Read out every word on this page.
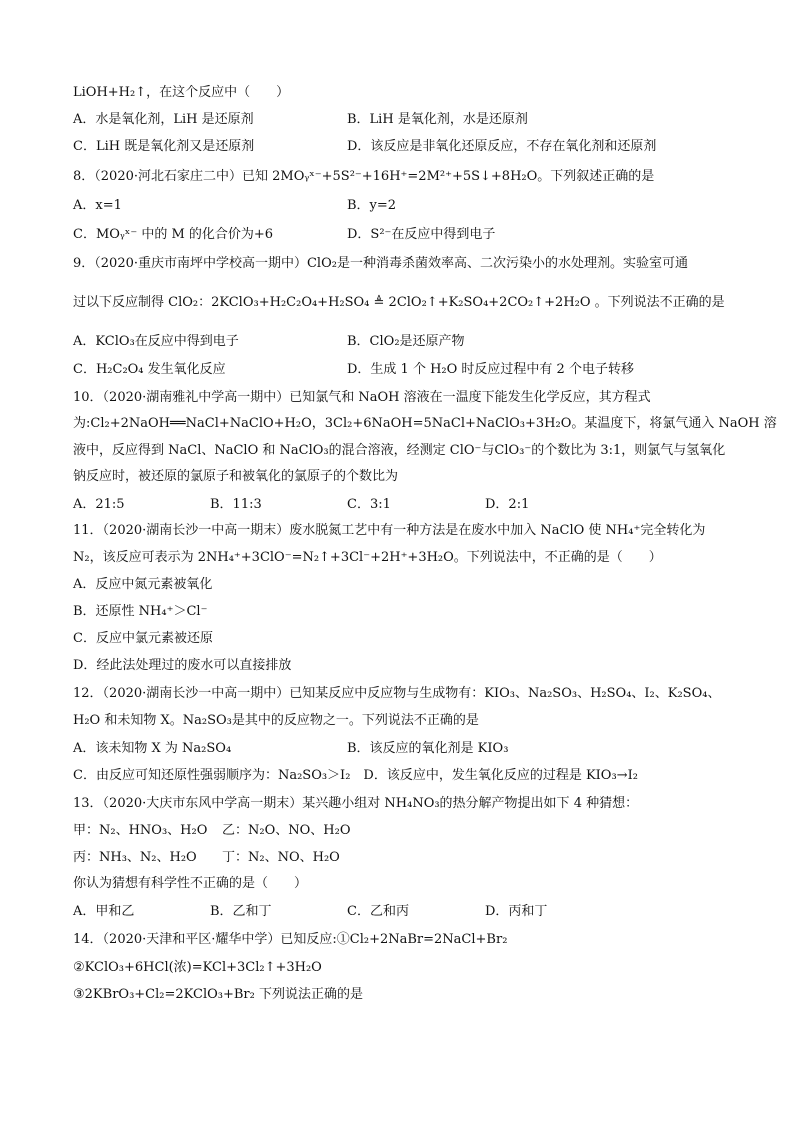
LiOH+H₂↑，在这个反应中（　　）
A．水是氧化剂，LiH 是还原剂	B．LiH 是氧化剂，水是还原剂
C．LiH 既是氧化剂又是还原剂	D．该反应是非氧化还原反应，不存在氧化剂和还原剂
8．（2020·河北石家庄二中）已知 2MOᵧˣ⁻+5S²⁻+16H⁺=2M²⁺+5S↓+8H₂O。下列叙述正确的是
A．x=1	B．y=2
C．MOᵧˣ⁻ 中的 M 的化合价为+6	D．S²⁻在反应中得到电子
9．（2020·重庆市南坪中学校高一期中）ClO₂是一种消毒杀菌效率高、二次污染小的水处理剂。实验室可通
过以下反应制得 ClO₂：2KClO₃+H₂C₂O₄+H₂SO₄ ≜ 2ClO₂↑+K₂SO₄+2CO₂↑+2H₂O 。下列说法不正确的是
A．KClO₃在反应中得到电子	B．ClO₂是还原产物
C．H₂C₂O₄ 发生氧化反应	D．生成 1 个 H₂O 时反应过程中有 2 个电子转移
10．（2020·湖南雅礼中学高一期中）已知氯气和 NaOH 溶液在一温度下能发生化学反应，其方程式
为:Cl₂+2NaOH══NaCl+NaClO+H₂O，3Cl₂+6NaOH=5NaCl+NaClO₃+3H₂O。某温度下，将氯气通入 NaOH 溶
液中，反应得到 NaCl、NaClO 和 NaClO₃的混合溶液，经测定 ClO⁻与ClO₃⁻的个数比为 3:1，则氯气与氢氧化
钠反应时，被还原的氯原子和被氧化的氯原子的个数比为
A．21:5	B．11:3	C．3:1	D．2:1
11．（2020·湖南长沙一中高一期末）废水脱氮工艺中有一种方法是在废水中加入 NaClO 使 NH₄⁺完全转化为
N₂，该反应可表示为 2NH₄⁺+3ClO⁻=N₂↑+3Cl⁻+2H⁺+3H₂O。下列说法中，不正确的是（　　）
A．反应中氮元素被氧化
B．还原性 NH₄⁺＞Cl⁻
C．反应中氯元素被还原
D．经此法处理过的废水可以直接排放
12．（2020·湖南长沙一中高一期中）已知某反应中反应物与生成物有：KIO₃、Na₂SO₃、H₂SO₄、I₂、K₂SO₄、
H₂O 和未知物 X。Na₂SO₃是其中的反应物之一。下列说法不正确的是
A．该未知物 X 为 Na₂SO₄	B．该反应的氧化剂是 KIO₃
C．由反应可知还原性强弱顺序为：Na₂SO₃＞I₂　D．该反应中，发生氧化反应的过程是 KIO₃→I₂
13．（2020·大庆市东风中学高一期末）某兴趣小组对 NH₄NO₃的热分解产物提出如下 4 种猜想：
甲：N₂、HNO₃、H₂O 乙：N₂O、NO、H₂O
丙：NH₃、N₂、H₂O 丁：N₂、NO、H₂O
你认为猜想有科学性不正确的是（　　）
A．甲和乙	B．乙和丁	C．乙和丙	D．丙和丁
14．（2020·天津和平区·耀华中学）已知反应:①Cl₂+2NaBr=2NaCl+Br₂
②KClO₃+6HCl(浓)=KCl+3Cl₂↑+3H₂O
③2KBrO₃+Cl₂=2KClO₃+Br₂ 下列说法正确的是
